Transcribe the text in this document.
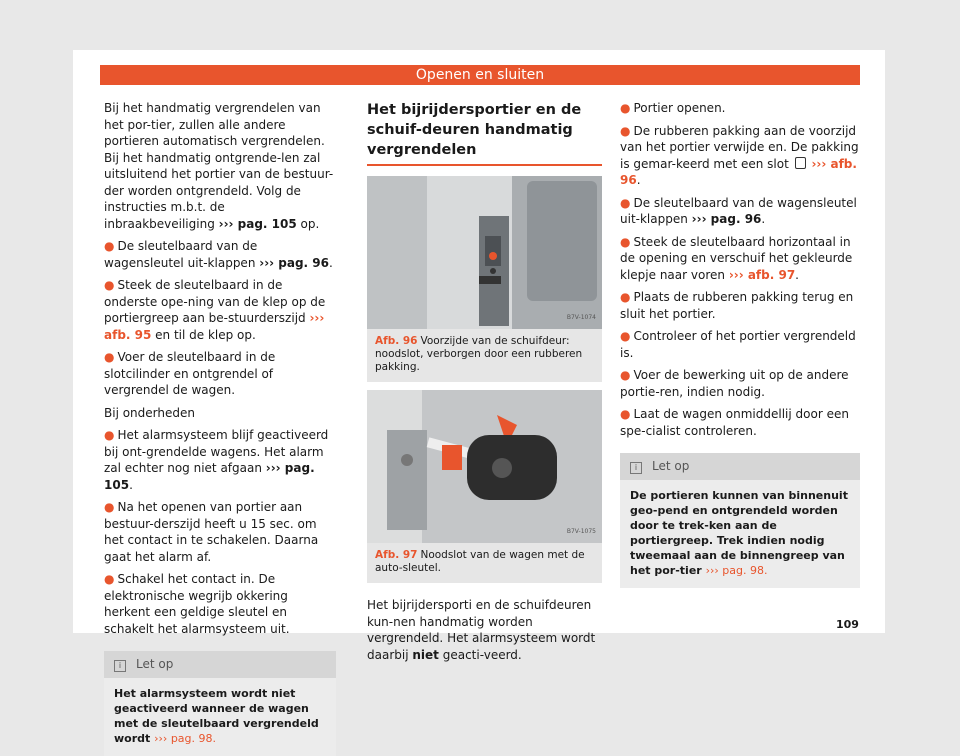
Openen en sluiten

Bij het handmatig vergrendelen van het por-tier, zullen alle andere portieren automatisch vergrendelen. Bij het handmatig ontgrende-len zal uitsluitend het portier van de bestuur-der worden ontgrendeld. Volg de instructies m.b.t. de inbraakbeveiliging ››› pag. 105 op.

● De sleutelbaard van de wagensleutel uit-klappen ››› pag. 96.

● Steek de sleutelbaard in de onderste ope-ning van de klep op de portiergreep aan be-stuurderszijd ››› afb. 95 en til de klep op.

● Voer de sleutelbaard in de slotcilinder en ontgrendel of vergrendel de wagen.

Bij onderheden

● Het alarmsysteem blijf geactiveerd bij ont-grendelde wagens. Het alarm zal echter nog niet afgaan ››› pag. 105.

● Na het openen van portier aan bestuur-derszijd heeft u 15 sec. om het contact in te schakelen. Daarna gaat het alarm af.

● Schakel het contact in. De elektronische wegrijb okkering herkent een geldige sleutel en schakelt het alarmsysteem uit.

i Let op
Het alarmsysteem wordt niet geactiveerd wanneer de wagen met de sleutelbaard vergrendeld wordt ››› pag. 98.
Het bijrijdersportier en de schuif-deuren handmatig vergrendelen
B7V-1074
Afb. 96 Voorzijde van de schuifdeur: noodslot, verborgen door een rubberen pakking.
B7V-1075
Afb. 97 Noodslot van de wagen met de auto-sleutel.

Het bijrijdersporti en de schuifdeuren kun-nen handmatig worden vergrendeld. Het alarmsysteem wordt daarbij niet geacti-veerd.

● Portier openen.

● De rubberen pakking aan de voorzijd van het portier verwijde en. De pakking is gemar-keerd met een slot ››› afb. 96.

● De sleutelbaard van de wagensleutel uit-klappen ››› pag. 96.

● Steek de sleutelbaard horizontaal in de opening en verschuif het gekleurde klepje naar voren ››› afb. 97.

● Plaats de rubberen pakking terug en sluit het portier.

● Controleer of het portier vergrendeld is.

● Voer de bewerking uit op de andere portie-ren, indien nodig.

● Laat de wagen onmiddellij door een spe-cialist controleren.

i Let op
De portieren kunnen van binnenuit geo-pend en ontgrendeld worden door te trek-ken aan de portiergreep. Trek indien nodig tweemaal aan de binnengreep van het por-tier ››› pag. 98.
109
